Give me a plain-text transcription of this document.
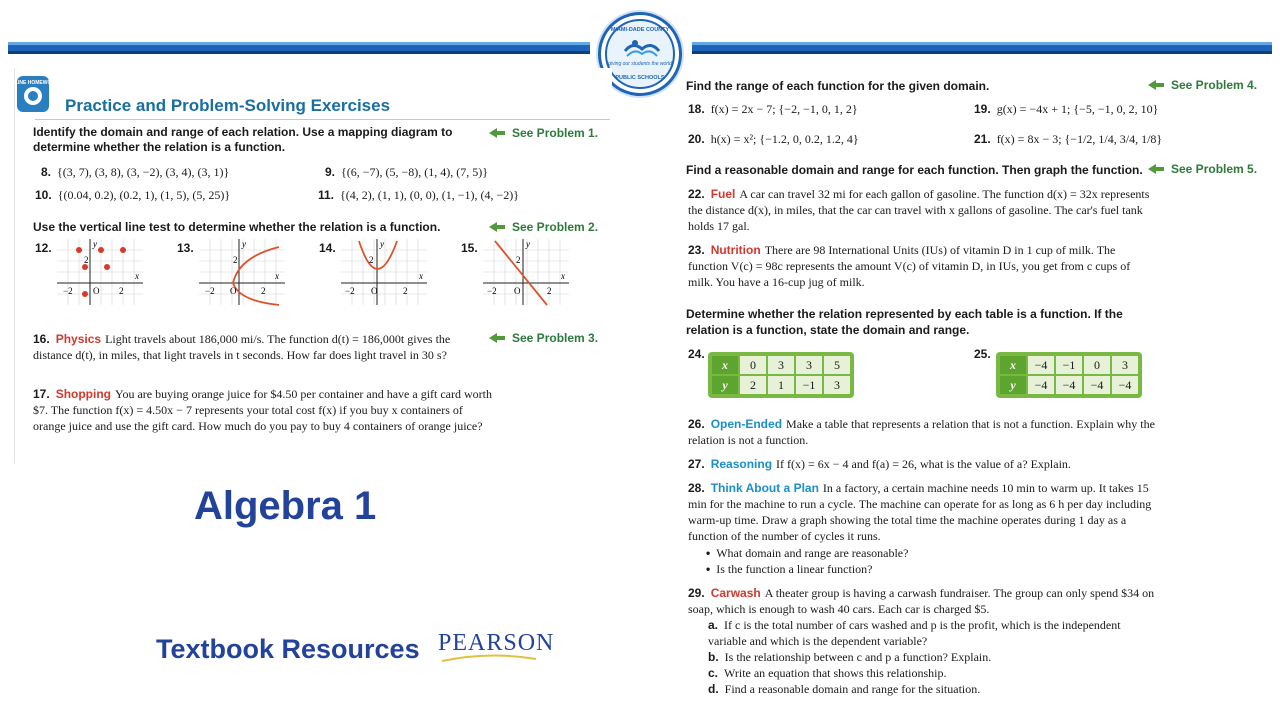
MIAMI-DADE COUNTY
giving our students the world
PUBLIC SCHOOLS
ONLINE HOMEWORK
Practice and Problem-Solving Exercises
Identify the domain and range of each relation. Use a mapping diagram to determine whether the relation is a function.
See Problem 1.
8. {(3, 7), (3, 8), (3, −2), (3, 4), (3, 1)}	9. {(6, −7), (5, −8), (1, 4), (7, 5)}
10. {(0.04, 0.2), (0.2, 1), (1, 5), (5, 25)}	11. {(4, 2), (1, 1), (0, 0), (1, −1), (4, −2)}
Use the vertical line test to determine whether the relation is a function.	See Problem 2.
12.	y
2
x
−2 O 2
13.	y
2
x
−2 O	2
14.	y
2
x
−2 O	2
15.	y
2
x
−2 O	2
16. Physics Light travels about 186,000 mi/s. The function d(t) = 186,000t gives the distance d(t), in miles, that light travels in t seconds. How far does light travel in 30 s?
See Problem 3.
17. Shopping You are buying orange juice for $4.50 per container and have a gift card worth $7. The function f(x) = 4.50x − 7 represents your total cost f(x) if you buy x containers of orange juice and use the gift card. How much do you pay to buy 4 containers of orange juice?
Algebra 1
Textbook Resources PEARSON
Find the range of each function for the given domain.	See Problem 4.
18. f(x) = 2x − 7; {−2, −1, 0, 1, 2}	19. g(x) = −4x + 1; {−5, −1, 0, 2, 10}
20. h(x) = x²; {−1.2, 0, 0.2, 1.2, 4}	21. f(x) = 8x − 3; {−1/2, 1/4, 3/4, 1/8}
Find a reasonable domain and range for each function. Then graph the function. See Problem 5.
22. Fuel A car can travel 32 mi for each gallon of gasoline. The function d(x) = 32x represents the distance d(x), in miles, that the car can travel with x gallons of gasoline. The car's fuel tank holds 17 gal.
23. Nutrition There are 98 International Units (IUs) of vitamin D in 1 cup of milk. The function V(c) = 98c represents the amount V(c) of vitamin D, in IUs, you get from c cups of milk. You have a 16-cup jug of milk.
Determine whether the relation represented by each table is a function. If the relation is a function, state the domain and range.
24.
x	0	3	3	5
y	2	1	−1	3
25.
x	−4	−1	0	3
y	−4	−4	−4	−4
26. Open-Ended Make a table that represents a relation that is not a function. Explain why the relation is not a function.
27. Reasoning If f(x) = 6x − 4 and f(a) = 26, what is the value of a? Explain.
28. Think About a Plan In a factory, a certain machine needs 10 min to warm up. It takes 15 min for the machine to run a cycle. The machine can operate for as long as 6 h per day including warm-up time. Draw a graph showing the total time the machine operates during 1 day as a function of the number of cycles it runs.
• What domain and range are reasonable?
• Is the function a linear function?
29. Carwash A theater group is having a carwash fundraiser. The group can only spend $34 on soap, which is enough to wash 40 cars. Each car is charged $5.
a. If c is the total number of cars washed and p is the profit, which is the independent variable and which is the dependent variable?
b. Is the relationship between c and p a function? Explain.
c. Write an equation that shows this relationship.
d. Find a reasonable domain and range for the situation.
